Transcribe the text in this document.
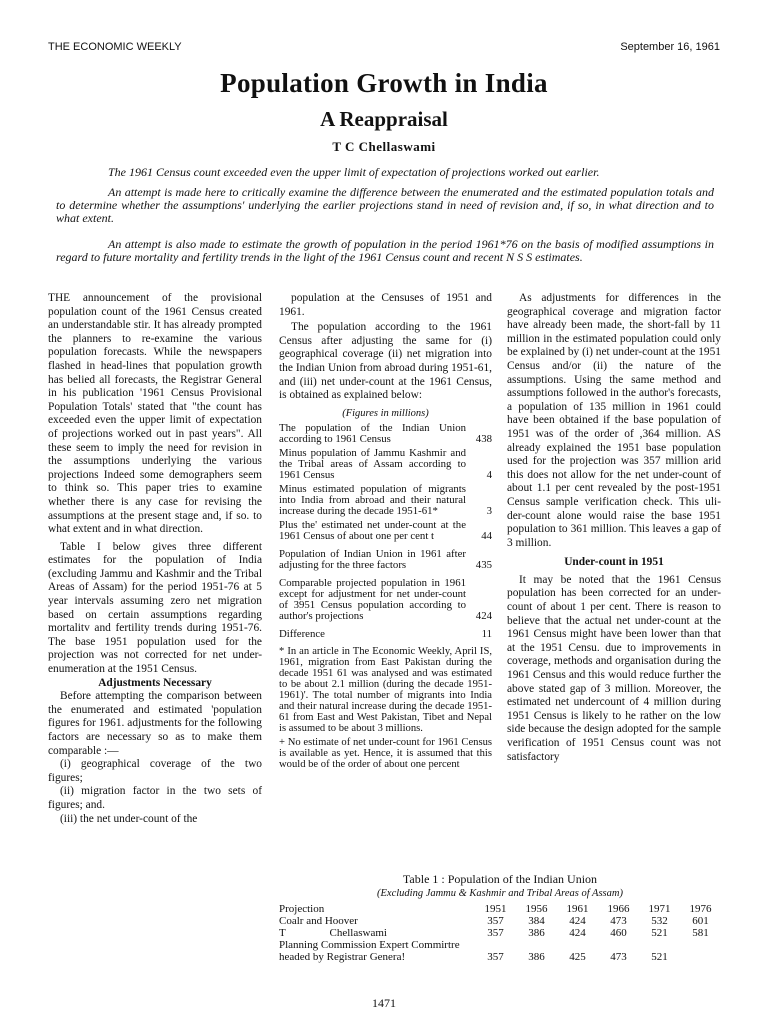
THE ECONOMIC WEEKLY	September 16, 1961
Population Growth in India
A Reappraisal
T C Chellaswami

The 1961 Census count exceeded even the upper limit of expectation of projections worked out earlier.

An attempt is made here to critically examine the difference between the enumerated and the estimated population totals and to determine whether the assumptions' underlying the earlier projections stand in need of revision and, if so, in what direction and to what extent.

An attempt is also made to estimate the growth of population in the period 1961*76 on the basis of modified assumptions in regard to future mortality and fertility trends in the light of the 1961 Census count and recent N S S estimates.

THE announcement of the provisional population count of the 1961 Census created an understandable stir. It has already prompted the planners to re-examine the various population forecasts. While the newspapers flashed in head-lines that population growth has belied all forecasts, the Registrar General in his publication '1961 Census Provisional Population Totals' stated that "the count has exceeded even the upper limit of expectation of projections worked out in past years". All these seem to imply the need for revision in the assumptions underlying the various projections Indeed some demographers seem to think so. This paper tries to examine whether there is any case for revising the assumptions at the present stage and, if so. to what extent and in what direction.

Table I below gives three different estimates for the population of India (excluding Jammu and Kashmir and the Tribal Areas of Assam) for the period 1951-76 at 5 year intervals assuming zero net migration based on certain assumptions regarding mortalitv and fertility trends during 1951-76. The base 1951 population used for the projection was not corrected for net under-enumeration at the 1951 Census.

Adjustments Necessary

Before attempting the comparison between the enumerated and estimated 'population figures for 1961. adjustments for the following factors are necessary so as to make them comparable :—

(i) geographical coverage of the two figures;

(ii) migration factor in the two sets of figures; and.

(iii) the net under-count of the

population at the Censuses of 1951 and 1961.

The population according to the 1961 Census after adjusting the same for (i) geographical coverage (ii) net migration into the Indian Union from abroad during 1951-61, and (iii) net under-count at the 1961 Census, is obtained as explained below:

(Figures in millions)
The population of the Indian Union according to 1961 Census	438
Minus population of Jammu Kashmir and the Tribal areas of Assam according to 1961 Census	4
Minus estimated population of migrants into India from abroad and their natural increase during the decade 1951-61*	3
Plus the' estimated net under-count at the 1961 Census of about one per cent t	44
Population of Indian Union in 1961 after adjusting for the three factors	435
Comparable projected population in 1961 except for adjustment for net under-count of 3951 Census population according to author's projections	424
Difference	11
* In an article in The Economic Weekly, April IS, 1961, migration from East Pakistan during the decade 1951 61 was analysed and was estimated to be about 2.1 million (during the decade 1951-1961)'. The total number of migrants into India and their natural increase during the decade 1951-61 from East and West Pakistan, Tibet and Nepal is assumed to be about 3 millions.
+ No estimate of net under-count for 1961 Census is available as yet. Hence, it is assumed that this would be of the order of about one percent

As adjustments for differences in the geographical coverage and migration factor have already been made, the short-fall by 11 million in the estimated population could only be explained by (i) net under-count at the 1951 Census and/or (ii) the nature of the assumptions. Using the same method and assumptions followed in the author's forecasts, a population of 135 million in 1961 could have been obtained if the base population of 1951 was of the order of ,364 million. AS already explained the 1951 base population used for the projection was 357 million arid this does not allow for the net under-count of about 1.1 per cent revealed by the post-1951 Census sample verification check. This uli-der-count alone would raise the base 1951 population to 361 million. This leaves a gap of 3 million.

Under-count in 1951

It may be noted that the 1961 Census population has been corrected for an under-count of about 1 per cent. There is reason to believe that the actual net under-count at the 1961 Census might have been lower than that at the 1951 Censu. due to improvements in coverage, methods and organisation during the 1961 Census and this would reduce further the above stated gap of 3 million. Moreover, the estimated net undercount of 4 million during 1951 Census is likely to he rather on the low side because the design adopted for the sample verification of 1951 Census count was not satisfactory

Table 1 : Population of the Indian Union
(Excluding Jammu & Kashmir and Tribal Areas of Assam)
Projection	1951	1956	1961	1966	1971	1976
Coalr and Hoover	357	384	424	473	532	601
T                Chellaswami	357	386	424	460	521	581
Planning Commission Expert Commirtre headed by Registrar Genera!	357	386	425	473	521	
1471
